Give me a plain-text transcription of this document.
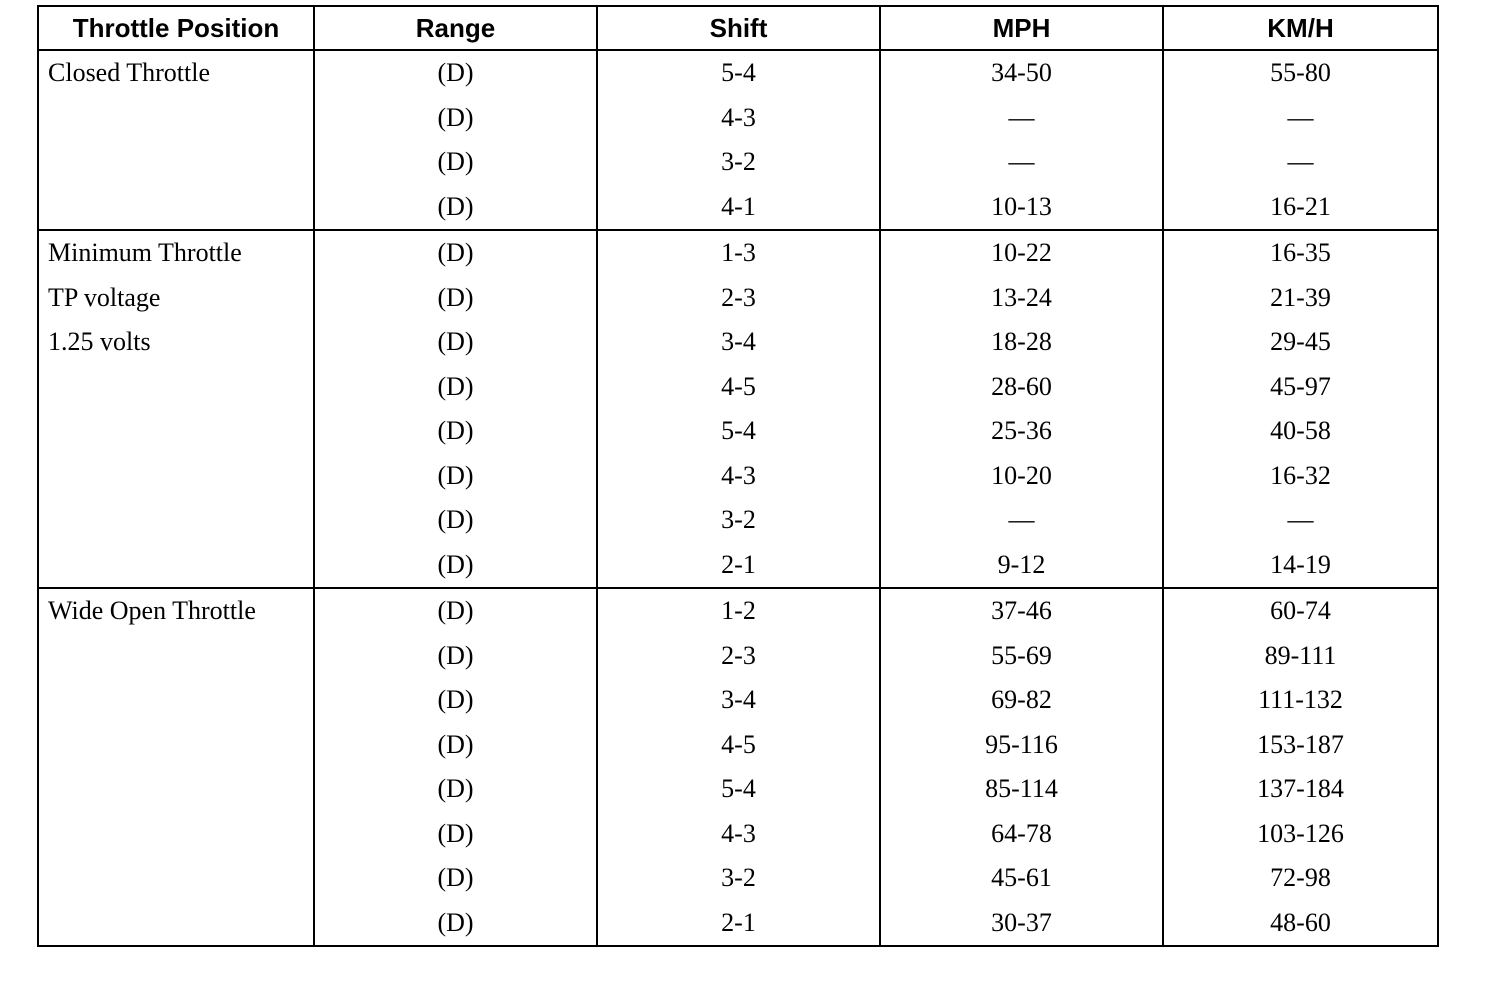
Throttle Position	Range	Shift	MPH	KM/H
Closed Throttle	(D)	5-4	34-50	55-80
	(D)	4-3	—	—
	(D)	3-2	—	—
	(D)	4-1	10-13	16-21
Minimum Throttle	(D)	1-3	10-22	16-35
TP voltage	(D)	2-3	13-24	21-39
1.25 volts	(D)	3-4	18-28	29-45
	(D)	4-5	28-60	45-97
	(D)	5-4	25-36	40-58
	(D)	4-3	10-20	16-32
	(D)	3-2	—	—
	(D)	2-1	9-12	14-19
Wide Open Throttle	(D)	1-2	37-46	60-74
	(D)	2-3	55-69	89-111
	(D)	3-4	69-82	111-132
	(D)	4-5	95-116	153-187
	(D)	5-4	85-114	137-184
	(D)	4-3	64-78	103-126
	(D)	3-2	45-61	72-98
	(D)	2-1	30-37	48-60
